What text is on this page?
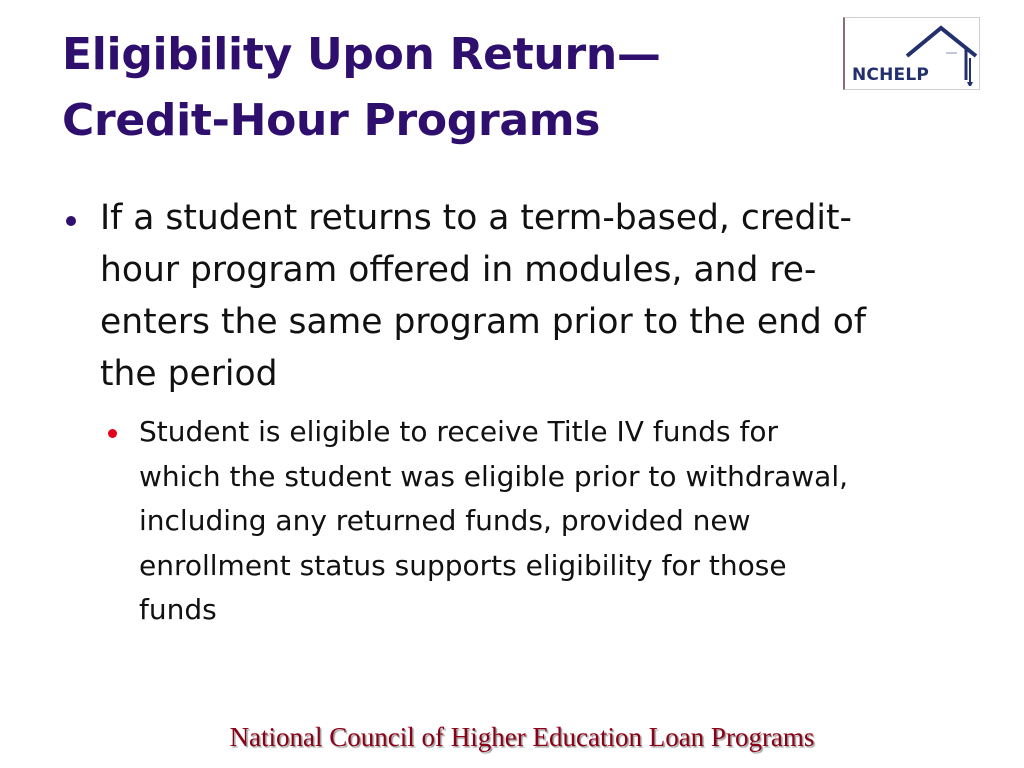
Eligibility Upon Return—
Credit-Hour Programs
NCHELP

If a student returns to a term-based, credit-
hour program offered in modules, and re-
enters the same program prior to the end of
the period

Student is eligible to receive Title IV funds for
which the student was eligible prior to withdrawal,
including any returned funds, provided new
enrollment status supports eligibility for those
funds

National Council of Higher Education Loan Programs
